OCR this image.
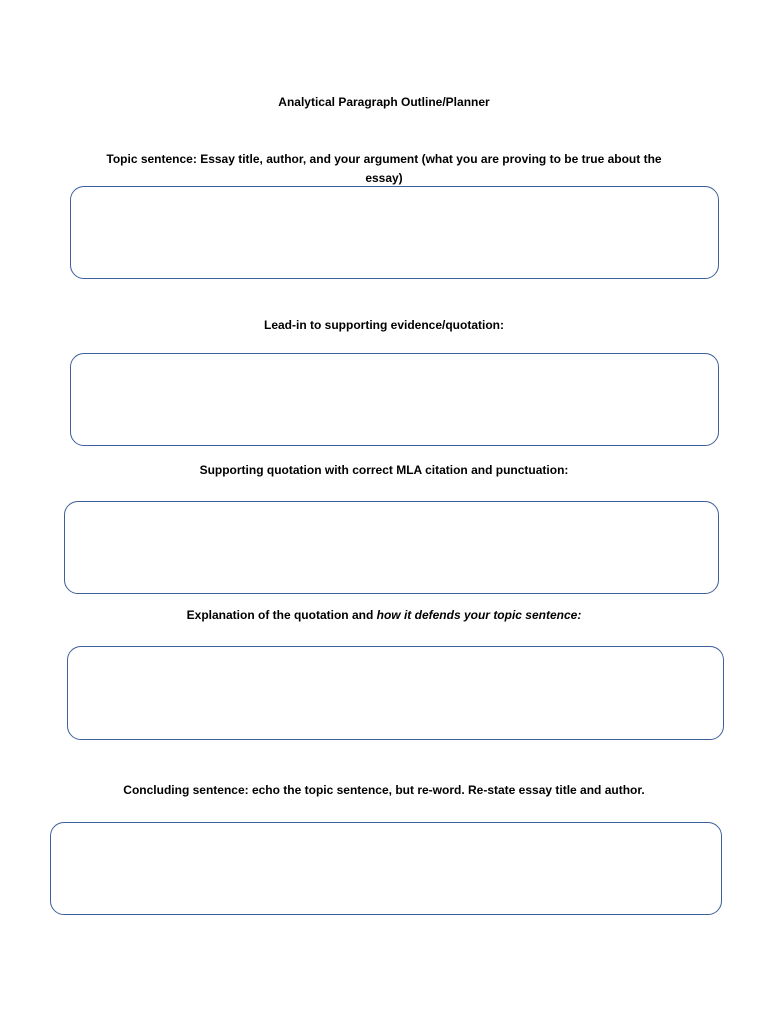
Analytical Paragraph Outline/Planner
Topic sentence: Essay title, author, and your argument (what you are proving to be true about the essay)
Lead-in to supporting evidence/quotation:
Supporting quotation with correct MLA citation and punctuation:
Explanation of the quotation and how it defends your topic sentence:
Concluding sentence: echo the topic sentence, but re-word. Re-state essay title and author.
